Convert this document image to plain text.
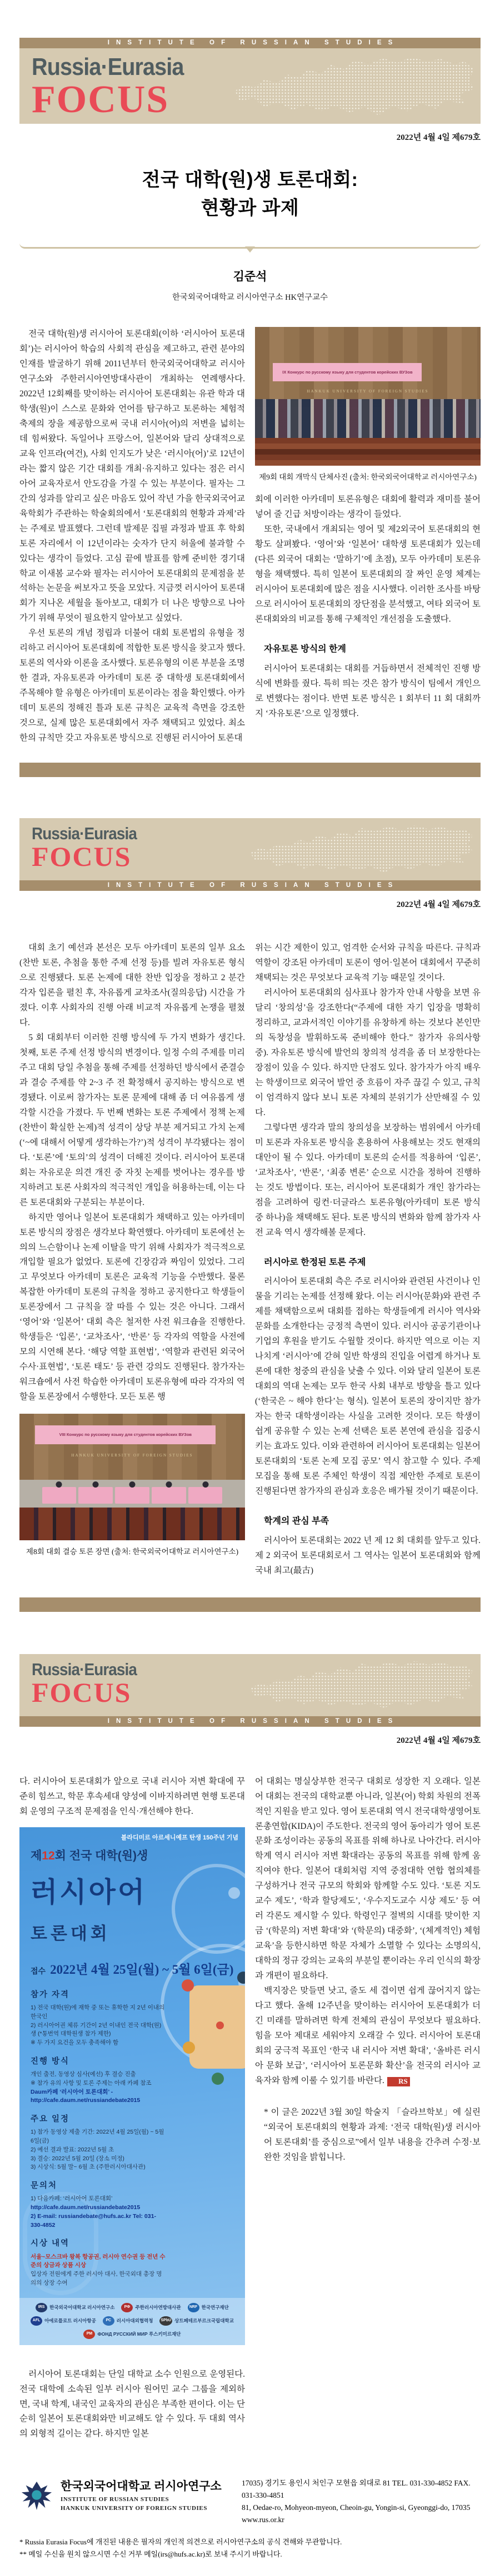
INSTITUTE OF RUSSIAN STUDIES
Russia·Eurasia
FOCUS
2022년 4월 4일 제679호
전국 대학(원)생 토론대회:
현황과 과제
김준석
한국외국어대학교 러시아연구소 HK연구교수

전국 대학(원)생 러시아어 토론대회(이하 ‘러시아어 토론대회’)는 러시아어 학습의 사회적 관심을 제고하고, 관련 분야의 인재를 발굴하기 위해 2011년부터 한국외국어대학교 러시아연구소와 주한러시아연방대사관이 개최하는 연례행사다. 2022년 12회째를 맞이하는 러시아어 토론대회는 유관 학과 대학생(원)이 스스로 문화와 언어를 탐구하고 토론하는 체험적 축제의 장을 제공함으로써 국내 러시아(어)의 저변을 넓히는 데 힘써왔다. 독일어나 프랑스어, 일본어와 달리 상대적으로 교육 인프라(여건), 사회 인지도가 낮은 ‘러시아(어)’로 12년이라는 짧지 않은 기간 대회를 개최·유지하고 있다는 점은 러시아어 교육자로서 안도감을 가질 수 있는 부분이다. 필자는 그간의 성과를 알리고 싶은 마음도 있어 작년 가을 한국외국어교육학회가 주관하는 학술회의에서 ‘토론대회의 현황과 과제’라는 주제로 발표했다. 그런데 발제문 집필 과정과 발표 후 학회 토론 자리에서 이 12년이라는 숫자가 단지 허울에 불과할 수 있다는 생각이 들었다. 고심 끝에 발표를 함께 준비한 경기대학교 이새봄 교수와 필자는 러시아어 토론대회의 문제점을 분석하는 논문을 써보자고 뜻을 모았다. 지금껏 러시아어 토론대회가 지나온 세월을 돌아보고, 대회가 더 나은 방향으로 나아가기 위해 무엇이 필요한지 알아보고 싶었다.

우선 토론의 개념 정립과 더불어 대회 토론법의 유형을 정리하고 러시아어 토론대회에 적합한 토론 방식을 찾고자 했다. 토론의 역사와 이론을 조사했다. 토론유형의 이론 부분을 조명한 결과, 자유토론과 아카데미 토론 중 대학생 토론대회에서 주목해야 할 유형은 아카데미 토론이라는 점을 확인했다. 아카데미 토론의 정해진 틀과 토론 규칙은 교육적 측면을 강조한 것으로, 실제 많은 토론대회에서 자주 채택되고 있었다. 최소한의 규칙만 갖고 자유토론 방식으로 진행된 러시아어 토론대

IX Конкурс по русскому языку для студентов корейских ВУЗов
HANKUK UNIVERSITY OF FOREIGN STUDIES
제9회 대회 개막식 단체사진 (출처: 한국외국어대학교 러시아연구소)

회에 이러한 아카데미 토론유형은 대회에 활력과 재미를 불어넣어 줄 긴급 처방이라는 생각이 들었다.

또한, 국내에서 개최되는 영어 및 제2외국어 토론대회의 현황도 살펴봤다. ‘영어’와 ‘일본어’ 대학생 토론대회가 있는데(다른 외국어 대회는 ‘말하기’에 초점), 모두 아카데미 토론유형을 채택했다. 특히 일본어 토론대회의 잘 짜인 운영 체계는 러시아어 토론대회에 많은 점을 시사했다. 이러한 조사를 바탕으로 러시아어 토론대회의 장단점을 분석했고, 여타 외국어 토론대회와의 비교를 통해 구체적인 개선점을 도출했다.

자유토론 방식의 한계

러시아어 토론대회는 대회를 거듭하면서 전체적인 진행 방식에 변화를 줬다. 특히 띄는 것은 참가 방식이 팀에서 개인으로 변했다는 점이다. 반면 토론 방식은 1 회부터 11 회 대회까지 ‘자유토론’으로 일정했다.

Russia·Eurasia
FOCUS
INSTITUTE OF RUSSIAN STUDIES
2022년 4월 4일 제679호

대회 초기 예선과 본선은 모두 아카데미 토론의 일부 요소(찬반 토론, 추첨을 통한 주제 선정 등)를 빌려 자유토론 형식으로 진행됐다. 토론 논제에 대한 찬반 입장을 정하고 2 분간 각자 입론을 펼친 후, 자유롭게 교차조사(질의응답) 시간을 가졌다. 이후 사회자의 진행 아래 비교적 자유롭게 논쟁을 펼쳤다.

5 회 대회부터 이러한 진행 방식에 두 가지 변화가 생긴다. 첫째, 토론 주제 선정 방식의 변경이다. 일정 수의 주제를 미리 주고 대회 당일 추첨을 통해 주제를 선정하던 방식에서 준결승과 결승 주제를 약 2~3 주 전 확정해서 공지하는 방식으로 변경됐다. 이로써 참가자는 토론 문제에 대해 좀 더 여유롭게 생각할 시간을 가졌다. 두 번째 변화는 토론 주제에서 정책 논제(찬반이 확실한 논제)적 성격이 상당 부분 제거되고 가치 논제(‘~에 대해서 어떻게 생각하는가?’)적 성격이 부각됐다는 점이다. ‘토론’에 ‘토의’의 성격이 더해진 것이다. 러시아어 토론대회는 자유로운 의견 개진 중 자칫 논제를 벗어나는 경우를 방지하려고 토론 사회자의 적극적인 개입을 허용하는데, 이는 다른 토론대회와 구분되는 부분이다.

하지만 영어나 일본어 토론대회가 채택하고 있는 아카데미 토론 방식의 장점은 생각보다 확연했다. 아카데미 토론에선 논의의 느슨함이나 논제 이탈을 막기 위해 사회자가 적극적으로 개입할 필요가 없었다. 토론에 긴장감과 짜임이 있었다. 그리고 무엇보다 아카데미 토론은 교육적 기능을 수반했다. 물론 복잡한 아카데미 토론의 규칙을 정하고 공지한다고 학생들이 토론장에서 그 규칙을 잘 따를 수 있는 것은 아니다. 그래서 ‘영어’와 ‘일본어’ 대회 측은 철저한 사전 워크숍을 진행한다. 학생들은 ‘입론’, ‘교차조사’, ‘반론’ 등 각자의 역할을 사전에 모의 시연해 본다. ‘해당 역할 표현법’, ‘역할과 관련된 외국어 수사·표현법’, ‘토론 태도’ 등 관련 강의도 진행된다. 참가자는 워크숍에서 사전 학습한 아카데미 토론유형에 따라 각자의 역할을 토론장에서 수행한다. 모든 토론 행

VIII Конкурс по русскому языку для студентов корейских ВУЗов
HANKUK UNIVERSITY OF FOREIGN STUDIES
제8회 대회 결승 토론 장면 (출처: 한국외국어대학교 러시아연구소)

위는 시간 제한이 있고, 엄격한 순서와 규칙을 따른다. 규칙과 역할이 강조된 아카데미 토론이 영어·일본어 대회에서 꾸준히 채택되는 것은 무엇보다 교육적 기능 때문일 것이다.

러시아어 토론대회의 심사표나 참가자 안내 사항을 보면 유달리 ‘창의성’을 강조한다(“주제에 대한 자기 입장을 명확히 정리하고, 교과서적인 이야기를 유창하게 하는 것보다 본인만의 독창성을 발휘하도록 준비해야 한다.” 참가자 유의사항 중). 자유토론 방식에 발언의 창의적 성격을 좀 더 보장한다는 장점이 있을 수 있다. 하지만 단점도 있다. 참가자가 아직 배우는 학생이므로 외국어 발언 중 흐름이 자주 끊길 수 있고, 규칙이 엄격하지 않다 보니 토론 자체의 분위기가 산만해질 수 있다.

그렇다면 생각과 말의 창의성을 보장하는 범위에서 아카데미 토론과 자유토론 방식을 혼용하여 사용해보는 것도 현재의 대안이 될 수 있다. 아카데미 토론의 순서를 적용하여 ‘입론’, ‘교차조사’, ‘반론’, ‘최종 변론’ 순으로 시간을 정하여 진행하는 것도 방법이다. 또는, 러시아어 토론대회가 개인 참가라는 점을 고려하여 링컨·더글라스 토론유형(아카데미 토론 방식 중 하나)을 채택해도 된다. 토론 방식의 변화와 함께 참가자 사전 교육 역시 생각해볼 문제다.

러시아로 한정된 토론 주제

러시아어 토론대회 측은 주로 러시아와 관련된 사건이나 인물을 기리는 논제를 선정해 왔다. 이는 러시아(문화)와 관련 주제를 채택함으로써 대회를 접하는 학생들에게 러시아 역사와 문화를 소개한다는 긍정적 측면이 있다. 러시아 공공기관이나 기업의 후원을 받기도 수월할 것이다. 하지만 역으로 이는 지나치게 ‘러시아’에 갇혀 일반 학생의 진입을 어렵게 하거나 토론에 대한 청중의 관심을 낮출 수 있다. 이와 달리 일본어 토론대회의 역대 논제는 모두 한국 사회 내부로 방향을 틀고 있다(‘한국은 ~ 해야 한다’는 형식). 일본어 토론의 장이지만 참가자는 한국 대학생이라는 사실을 고려한 것이다. 모든 학생이 쉽게 공유할 수 있는 논제 선택은 토론 본연에 관심을 집중시키는 효과도 있다. 이와 관련하여 러시아어 토론대회는 일본어 토론대회의 ‘토론 논제 모집 공모’ 역시 참고할 수 있다. 주제 모집을 통해 토론 주체인 학생이 직접 제안한 주제로 토론이 진행된다면 참가자의 관심과 호응은 배가될 것이기 때문이다.

학계의 관심 부족

러시아어 토론대회는 2022 년 제 12 회 대회를 앞두고 있다. 제 2 외국어 토론대회로서 그 역사는 일본어 토론대회와 함께 국내 최고(最古)

Russia·Eurasia
FOCUS
INSTITUTE OF RUSSIAN STUDIES
2022년 4월 4일 제679호

다. 러시아어 토론대회가 앞으로 국내 러시아 저변 확대에 꾸준히 힘쓰고, 학문 후속세대 양성에 이바지하려면 현행 토론대회 운영의 구조적 문제점을 인식·개선해야 한다.

블라디미르 아르세니예프 탄생 150주년 기념
제12회 전국 대학(원)생
러시아어
토론대회
접수 2022년 4월 25일(월) ~ 5월 6일(금)
참가 자격

1) 전국 대학(원)에 재학 중 또는 휴학한 지 2년 이내의 한국인

2) 러시아어권 체류 기간이 2년 이내인 전국 대학(원)생 (*통번역 대학원생 참가 제한)

※ 두 가지 요건을 모두 충족해야 함

진행 방식

개인 출전, 동영상 심사(예선) 후 결승 진출

※ 참가 유의 사항 및 토론 주제는 아래 카페 참조

Daum카페 ‘러시아어 토론대회’ - http://cafe.daum.net/russiandebate2015

주요 일정

1) 참가 동영상 제출 기간: 2022년 4월 25일(월) ~ 5월 6일(금)

2) 예선 결과 발표: 2022년 5월 초

3) 결승: 2022년 5월 20일 (장소 미정)

3) 시상식: 5월 말~ 6월 초 (주한러시아대사관)

문의처

1) 다음카페: ‘러시아어 토론대회’

http://cafe.daum.net/russiandebate2015

2) E-mail: russiandebate@hufs.ac.kr Tel: 031-330-4852

시상 내역

서울~모스크바 왕복 항공권, 러시아 연수권 등 전년 수준의 상금과 상품 시상

입상자 전원에게 주한 러시아 대사, 한국외대 총장 명의의 상장 수여

IRS	한국외국어대학교 러시아연구소	РФ	주한러시아연방대사관	NRF 한국연구재단
AFL 아에로플로트 러시아항공	РС	러시아대외협력청 SPbU 상트페테르부르크국립대학교
РМ	ФОНД РУССКИЙ МИР 루스키미르재단

러시아어 토론대회는 단일 대학교 소수 인원으로 운영된다. 전국 대학에 소속된 일부 러시아 원어민 교수 그룹을 제외하면, 국내 학계, 내국인 교육자의 관심은 부족한 편이다. 이는 단순히 일본어 토론대회와만 비교해도 알 수 있다. 두 대회 역사의 외형적 길이는 같다. 하지만 일본

어 대회는 명실상부한 전국구 대회로 성장한 지 오래다. 일본어 대회는 전국의 대학교뿐 아니라, 일본(어) 학회 차원의 전폭적인 지원을 받고 있다. 영어 토론대회 역시 전국대학생영어토론총연합(KIDA)이 주도한다. 전국의 영어 동아리가 영어 토론문화 조성이라는 공동의 목표를 위해 하나로 나아간다. 러시아 학계 역시 러시아 저변 확대라는 공동의 목표를 위해 함께 움직여야 한다. 일본어 대회처럼 지역 중점대학 연합 협의체를 구성하거나 전국 규모의 학회와 함께할 수도 있다. ‘토론 지도교수 제도’, ‘학과 할당제도’, ‘우수지도교수 시상 제도’ 등 여러 각론도 제시할 수 있다. 학령인구 절벽의 시대를 맞이한 지금 ‘(학문의) 저변 확대’와 ‘(학문의) 대중화’, ‘(체계적인) 체험 교육’을 등한시하면 학문 자체가 소멸할 수 있다는 소명의식, 대학의 정규 강의는 교육의 부분일 뿐이라는 우리 인식의 확장과 개편이 필요하다.

백지장은 맞들면 낫고, 줄도 세 겹이면 쉽게 끊어지지 않는다고 했다. 올해 12주년을 맞이하는 러시아어 토론대회가 더 긴 미래를 말하려면 학계 전체의 관심이 무엇보다 필요하다. 힘을 모아 제대로 세워야지 오래갈 수 있다. 러시아어 토론대회의 궁극적 목표인 ‘한국 내 러시아 저변 확대’, ‘올바른 러시아 문화 보급’, ‘러시아어 토론문화 확산’을 전국의 러시아 교육자와 함께 이룰 수 있기를 바란다. RS

* 이 글은 2022년 3월 30일 학술지 「슬라브학보」에 실린 “외국어 토론대회의 현황과 과제: ‘전국 대학(원)생 러시아어 토론대회’를 중심으로”에서 일부 내용을 간추려 수정·보완한 것임을 밝힙니다.

한국외국어대학교 러시아연구소
INSTITUTE OF RUSSIAN STUDIES
HANKUK UNIVERSITY OF FOREIGN STUDIES
17035) 경기도 용인시 처인구 모현읍 외대로 81 TEL. 031-330-4852 FAX. 031-330-4851
81, Oedae-ro, Mohyeon-myeon, Cheoin-gu, Yongin-si, Gyeonggi-do, 17035 www.rus.or.kr
* Russia Eurasia Focus에 개진된 내용은 필자의 개인적 의견으로 러시아연구소의 공식 견해와 무관합니다.
** 메일 수신을 원치 않으시면 수신 거부 메일(irs@hufs.ac.kr)로 보내 주시기 바랍니다.
